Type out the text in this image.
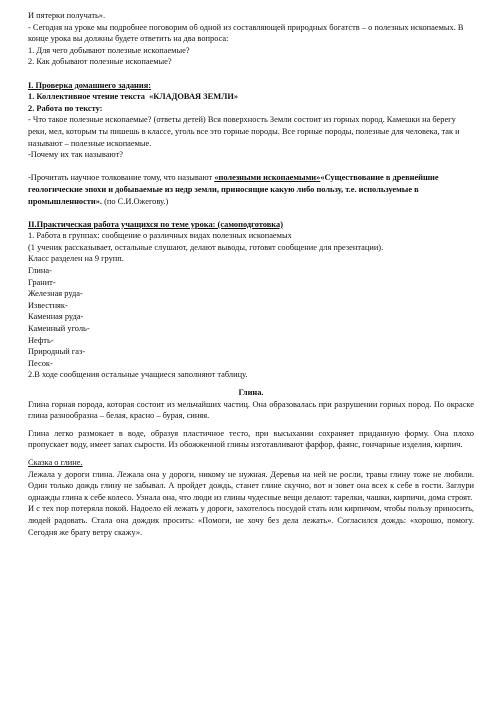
И пятерки получать».
- Сегодня на уроке мы подробнее поговорим об одной из составляющей природных богатств – о полезных ископаемых. В конце урока вы должны будете ответить на два вопроса:
1. Для чего добывают полезные ископаемые?
2. Как добывают полезные ископаемые?
I. Проверка домашнего задания:
1. Коллективное чтение текста «КЛАДОВАЯ ЗЕМЛИ»
2. Работа по тексту:
- Что такое полезные ископаемые? (ответы детей) Вся поверхность Земли состоит из горных пород. Камешки на берегу реки, мел, которым ты пишешь в классе, уголь все это горные породы. Все горные породы, полезные для человека, так и называют – полезные ископаемые.
-Почему их так называют?
-Прочитать научное толкование тому, что называют «полезными ископаемыми»«Существование в древнейшие геологические эпохи и добываемые из недр земли, приносящие какую либо пользу, т.е. используемые в промышленности». (по С.И.Ожегову.)
II.Практическая работа учащихся по теме урока: (самоподготовка)
1. Работа в группах: сообщение о различных видах полезных ископаемых
(1 ученик рассказывает, остальные слушают, делают выводы, готовят сообщение для презентации).
Класс разделен на 9 групп.
Глина-
Гранит-
Железная руда-
Известняк-
Каменная руда-
Каменный уголь-
Нефть-
Природный газ-
Песок-
2.В ходе сообщения остальные учащиеся заполняют таблицу.
Глина.
Глина горная порода, которая состоит из мельчайших частиц. Она образовалась при разрушении горных пород. По окраске глина разнообразна – белая, красно – бурая, синяя.
Глина легко размокает в воде, образуя пластичное тесто, при высыхании сохраняет приданную форму. Она плохо пропускает воду, имеет запах сырости. Из обожженной глины изготавливают фарфор, фаянс, гончарные изделия, кирпич.
Сказка о глине.
Лежала у дороги глина. Лежала она у дороги, никому не нужная. Деревья на ней не росли, травы глину тоже не любили. Один только дождь глину не забывал. А пройдет дождь, станет глине скучно, вот и зовет она всех к себе в гости. Заглури однажды глина к себе колесо. Узнала она, что люди из глины чудесные вещи делают: тарелки, чашки, кирпичи, дома строят.
И с тех пор потеряла покой. Надоело ей лежать у дороги, захотелось посудой стать или кирпичом, чтобы пользу приносить, людей радовать. Стала она дождик просить: «Помоги, не хочу без дела лежать». Согласился дождь: «хорошо, помогу. Сегодня же брату ветру скажу».
